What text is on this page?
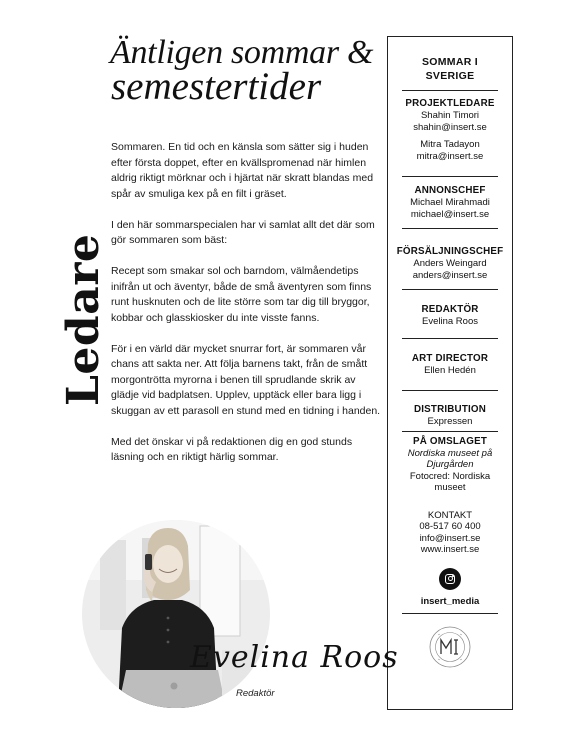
Ledare
Äntligen sommar &
semestertider

Sommaren. En tid och en känsla som sätter sig i huden efter första doppet, efter en kvällspromenad när himlen aldrig riktigt mörknar och i hjärtat när skratt blandas med spår av smuliga kex på en filt i gräset.

I den här sommarspecialen har vi samlat allt det där som gör sommaren som bäst:

Recept som smakar sol och barndom, välmåendetips inifrån ut och äventyr, både de små äventyren som finns runt husknuten och de lite större som tar dig till bryggor, kobbar och glasskiosker du inte visste fanns.

För i en värld där mycket snurrar fort, är sommaren vår chans att sakta ner. Att följa barnens takt, från de smått morgontrötta myrorna i benen till sprudlande skrik av glädje vid badplatsen. Upplev, upptäck eller bara ligg i skuggan av ett parasoll en stund med en tidning i handen.

Med det önskar vi på redaktionen dig en god stunds läsning och en riktigt härlig sommar.

SOMMAR I SVERIGE
PROJEKTLEDARE
Shahin Timori
shahin@insert.se
Mitra Tadayon
mitra@insert.se
ANNONSCHEF
Michael Mirahmadi
michael@insert.se
FÖRSÄLJNINGSCHEF
Anders Weingard
anders@insert.se
REDAKTÖR
Evelina Roos
ART DIRECTOR
Ellen Hedén
DISTRIBUTION
Expressen
PÅ OMSLAGET
Nordiska museet på Djurgården
Fotocred: Nordiska museet
KONTAKT
08-517 60 400
info@insert.se
www.insert.se
insert_media
Evelina Roos
Redaktör
